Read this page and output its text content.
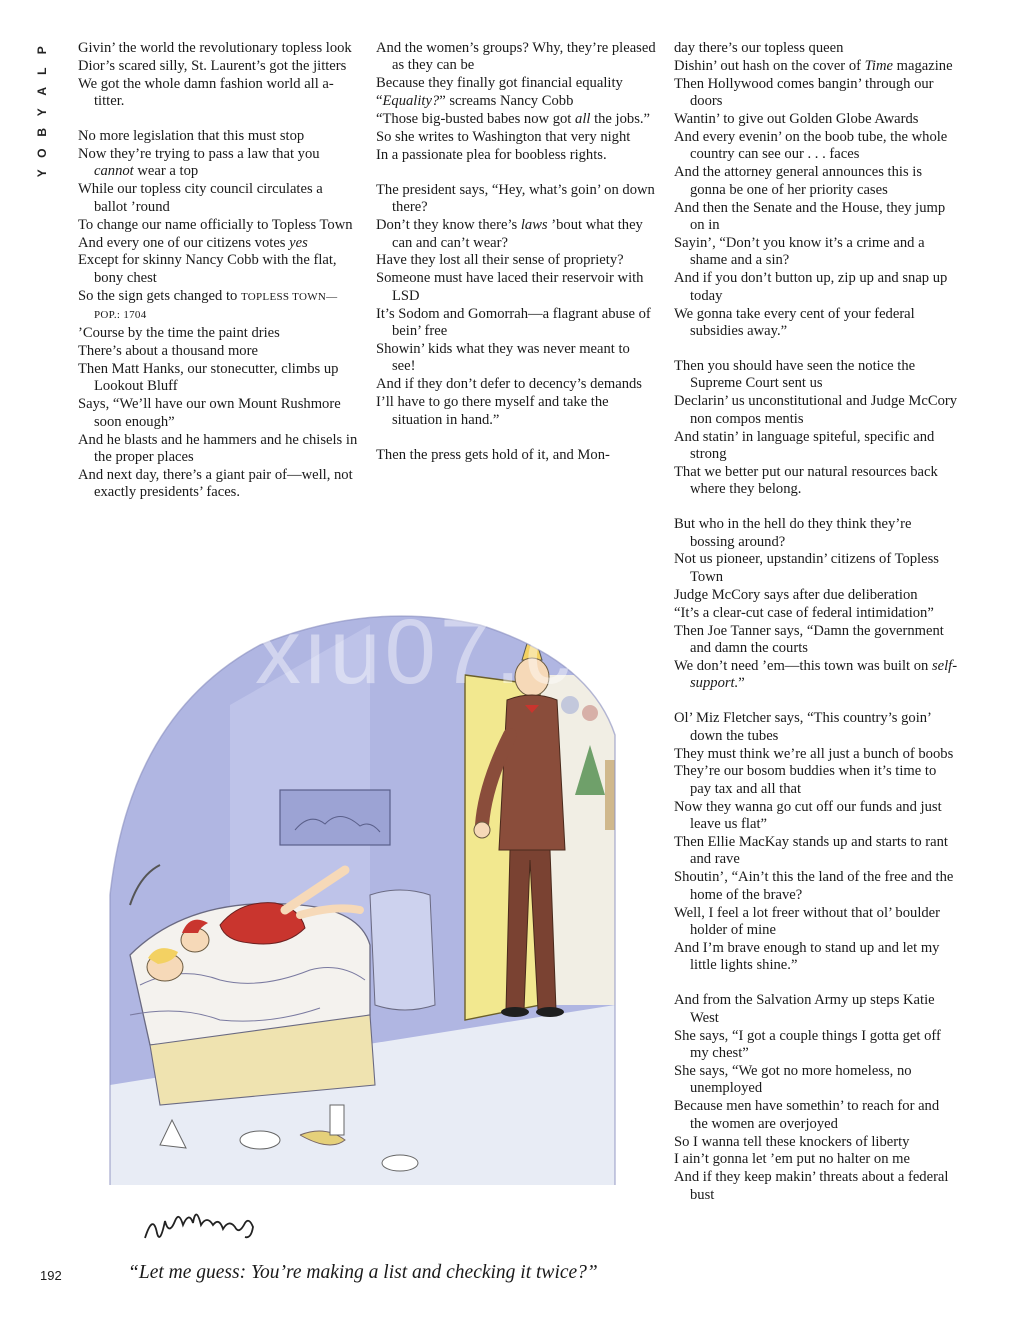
P
L
A
Y
B
O
Y

Givin’ the world the revolutionary topless look

Dior’s scared silly, St. Laurent’s got the jitters

We got the whole damn fashion world all a-titter.

No more legislation that this must stop

Now they’re trying to pass a law that you cannot wear a top

While our topless city council circulates a ballot ’round

To change our name officially to Topless Town

And every one of our citizens votes yes

Except for skinny Nancy Cobb with the flat, bony chest

So the sign gets changed to TOPLESS TOWN—POP.: 1704

’Course by the time the paint dries

There’s about a thousand more

Then Matt Hanks, our stonecutter, climbs up Lookout Bluff

Says, “We’ll have our own Mount Rushmore soon enough”

And he blasts and he hammers and he chisels in the proper places

And next day, there’s a giant pair of—well, not exactly presidents’ faces.

And the women’s groups? Why, they’re pleased as they can be

Because they finally got financial equality

“Equality?” screams Nancy Cobb

“Those big-busted babes now got all the jobs.”

So she writes to Washington that very night

In a passionate plea for boobless rights.

The president says, “Hey, what’s goin’ on down there?

Don’t they know there’s laws ’bout what they can and can’t wear?

Have they lost all their sense of propriety?

Someone must have laced their reservoir with LSD

It’s Sodom and Gomorrah—a flagrant abuse of bein’ free

Showin’ kids what they was never meant to see!

And if they don’t defer to decency’s demands

I’ll have to go there myself and take the situation in hand.”

Then the press gets hold of it, and Mon-

day there’s our topless queen

Dishin’ out hash on the cover of Time magazine

Then Hollywood comes bangin’ through our doors

Wantin’ to give out Golden Globe Awards

And every evenin’ on the boob tube, the whole country can see our . . . faces

And the attorney general announces this is gonna be one of her priority cases

And then the Senate and the House, they jump on in

Sayin’, “Don’t you know it’s a crime and a shame and a sin?

And if you don’t button up, zip up and snap up today

We gonna take every cent of your federal subsidies away.”

Then you should have seen the notice the Supreme Court sent us

Declarin’ us unconstitutional and Judge McCory non compos mentis

And statin’ in language spiteful, specific and strong

That we better put our natural resources back where they belong.

But who in the hell do they think they’re bossing around?

Not us pioneer, upstandin’ citizens of Topless Town

Judge McCory says after due deliberation

“It’s a clear-cut case of federal intimidation”

Then Joe Tanner says, “Damn the government and damn the courts

We don’t need ’em—this town was built on self-support.”

Ol’ Miz Fletcher says, “This country’s goin’ down the tubes

They must think we’re all just a bunch of boobs

They’re our bosom buddies when it’s time to pay tax and all that

Now they wanna go cut off our funds and just leave us flat”

Then Ellie MacKay stands up and starts to rant and rave

Shoutin’, “Ain’t this the land of the free and the home of the brave?

Well, I feel a lot freer without that ol’ boulder holder of mine

And I’m brave enough to stand up and let my little lights shine.”

And from the Salvation Army up steps Katie West

She says, “I got a couple things I gotta get off my chest”

She says, “We got no more homeless, no unemployed

Because men have somethin’ to reach for and the women are overjoyed

So I wanna tell these knockers of liberty

I ain’t gonna let ’em put no halter on me

And if they keep makin’ threats about a federal bust

xiu07.c
“Let me guess: You’re making a list and checking it twice?”
192
